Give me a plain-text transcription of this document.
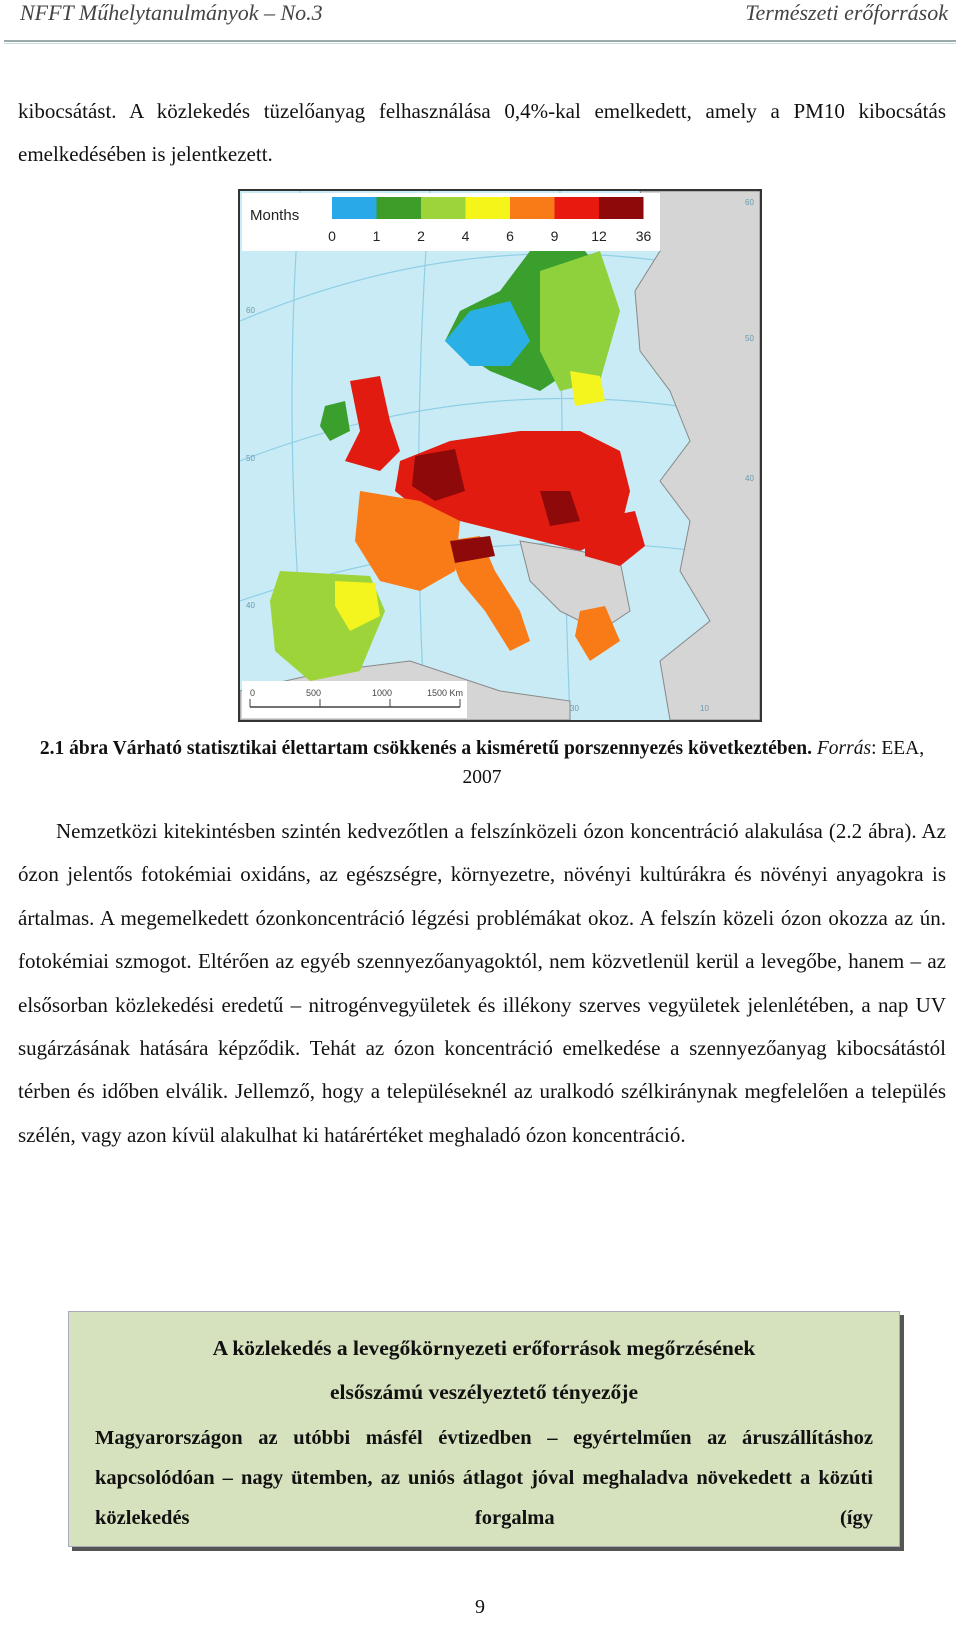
NFFT Műhelytanulmányok – No.3	Természeti erőforrások

kibocsátást. A közlekedés tüzelőanyag felhasználása 0,4%-kal emelkedett, amely a PM10 kibocsátás emelkedésében is jelentkezett.

Months
0	1	2	4	6	9 12 36
60
50
40
60
50
40
30	10
0	500	1000	1500 Km
2.1 ábra Várható statisztikai élettartam csökkenés a kisméretű porszennyezés következtében. Forrás: EEA, 2007

Nemzetközi kitekintésben szintén kedvezőtlen a felszínközeli ózon koncentráció alakulása (2.2 ábra). Az ózon jelentős fotokémiai oxidáns, az egészségre, környezetre, növényi kultúrákra és növényi anyagokra is ártalmas. A megemelkedett ózonkoncentráció légzési problémákat okoz. A felszín közeli ózon okozza az ún. fotokémiai szmogot. Eltérően az egyéb szennyezőanyagoktól, nem közvetlenül kerül a levegőbe, hanem – az elsősorban közlekedési eredetű – nitrogénvegyületek és illékony szerves vegyületek jelenlétében, a nap UV sugárzásának hatására képződik. Tehát az ózon koncentráció emelkedése a szennyezőanyag kibocsátástól térben és időben elválik. Jellemző, hogy a településeknél az uralkodó szélkiránynak megfelelően a település szélén, vagy azon kívül alakulhat ki határértéket meghaladó ózon koncentráció.

A közlekedés a levegőkörnyezeti erőforrások megőrzésének
elsőszámú veszélyeztető tényezője
Magyarországon az utóbbi másfél évtizedben – egyértelműen az áruszállításhoz kapcsolódóan – nagy ütemben, az uniós átlagot jóval meghaladva növekedett a közúti közlekedés forgalma (így
9
